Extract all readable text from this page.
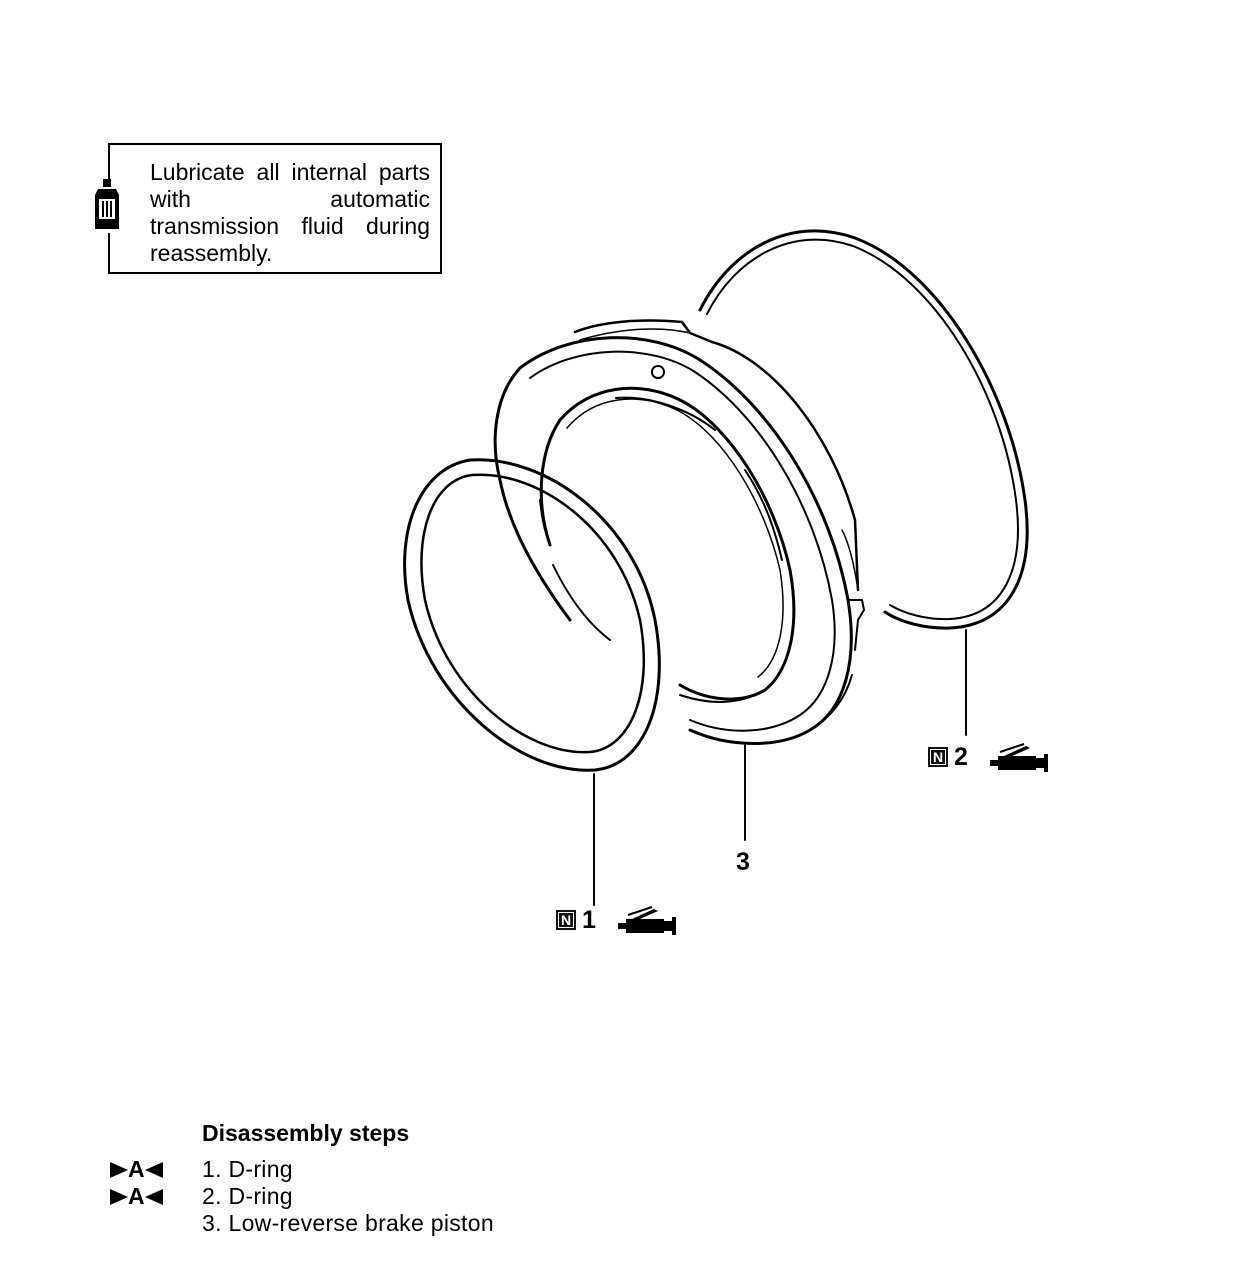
Lubricate all internal parts with automatic transmission fluid during reassembly.
N 1
N 2
3
Disassembly steps
A 1. D-ring
A 2. D-ring
3. Low-reverse brake piston
